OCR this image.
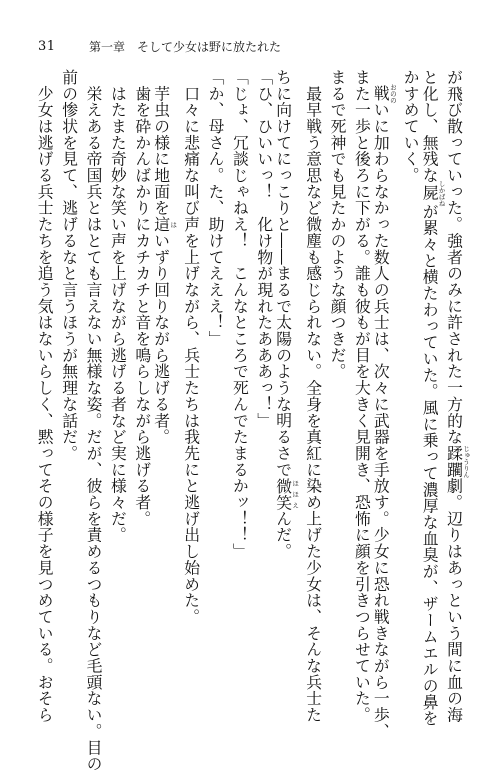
31	第一章　そして少女は野に放たれた
が飛び散っていった。強者のみに許された一方的な蹂躙じゅうりん劇。辺りはあっという間に血の海
と化し、無残な屍しかばねが累々と横たわっていた。風に乗って濃厚な血臭が、ザームエルの鼻を
かすめていく。
　戦おののいに加わらなかった数人の兵士は、次々に武器を手放す。少女に恐れ戦きながら一歩、
また一歩と後ろに下がる。誰も彼もが目を大きく見開き、恐怖に顔を引きつらせていた。
まるで死神でも見たかのような顔つきだ。
　最早戦う意思など微塵も感じられない。全身を真紅に染め上げた少女は、そんな兵士た
ちに向けてにっこりと――まるで太陽のような明るさで微笑ほほえんだ。
「ひ、ひいいっ！　化け物が現れたあああっ！」
「じょ、冗談じゃねえ！　こんなところで死んでたまるかッ！！」
「か、母さん。た、助けてえええ！」
　口々に悲痛な叫び声を上げながら、兵士たちは我先にと逃げ出し始めた。
　芋虫の様に地面を這はいずり回りながら逃げる者。
　歯を砕かんばかりにカチカチと音を鳴らしながら逃げる者。
　はたまた奇妙な笑い声を上げながら逃げる者など実に様々だ。
　栄えある帝国兵とはとても言えない無様な姿。だが、彼らを責めるつもりなど毛頭ない。目の
前の惨状を見て、逃げるなと言うほうが無理な話だ。
　少女は逃げる兵士たちを追う気はないらしく、黙ってその様子を見つめている。おそら
